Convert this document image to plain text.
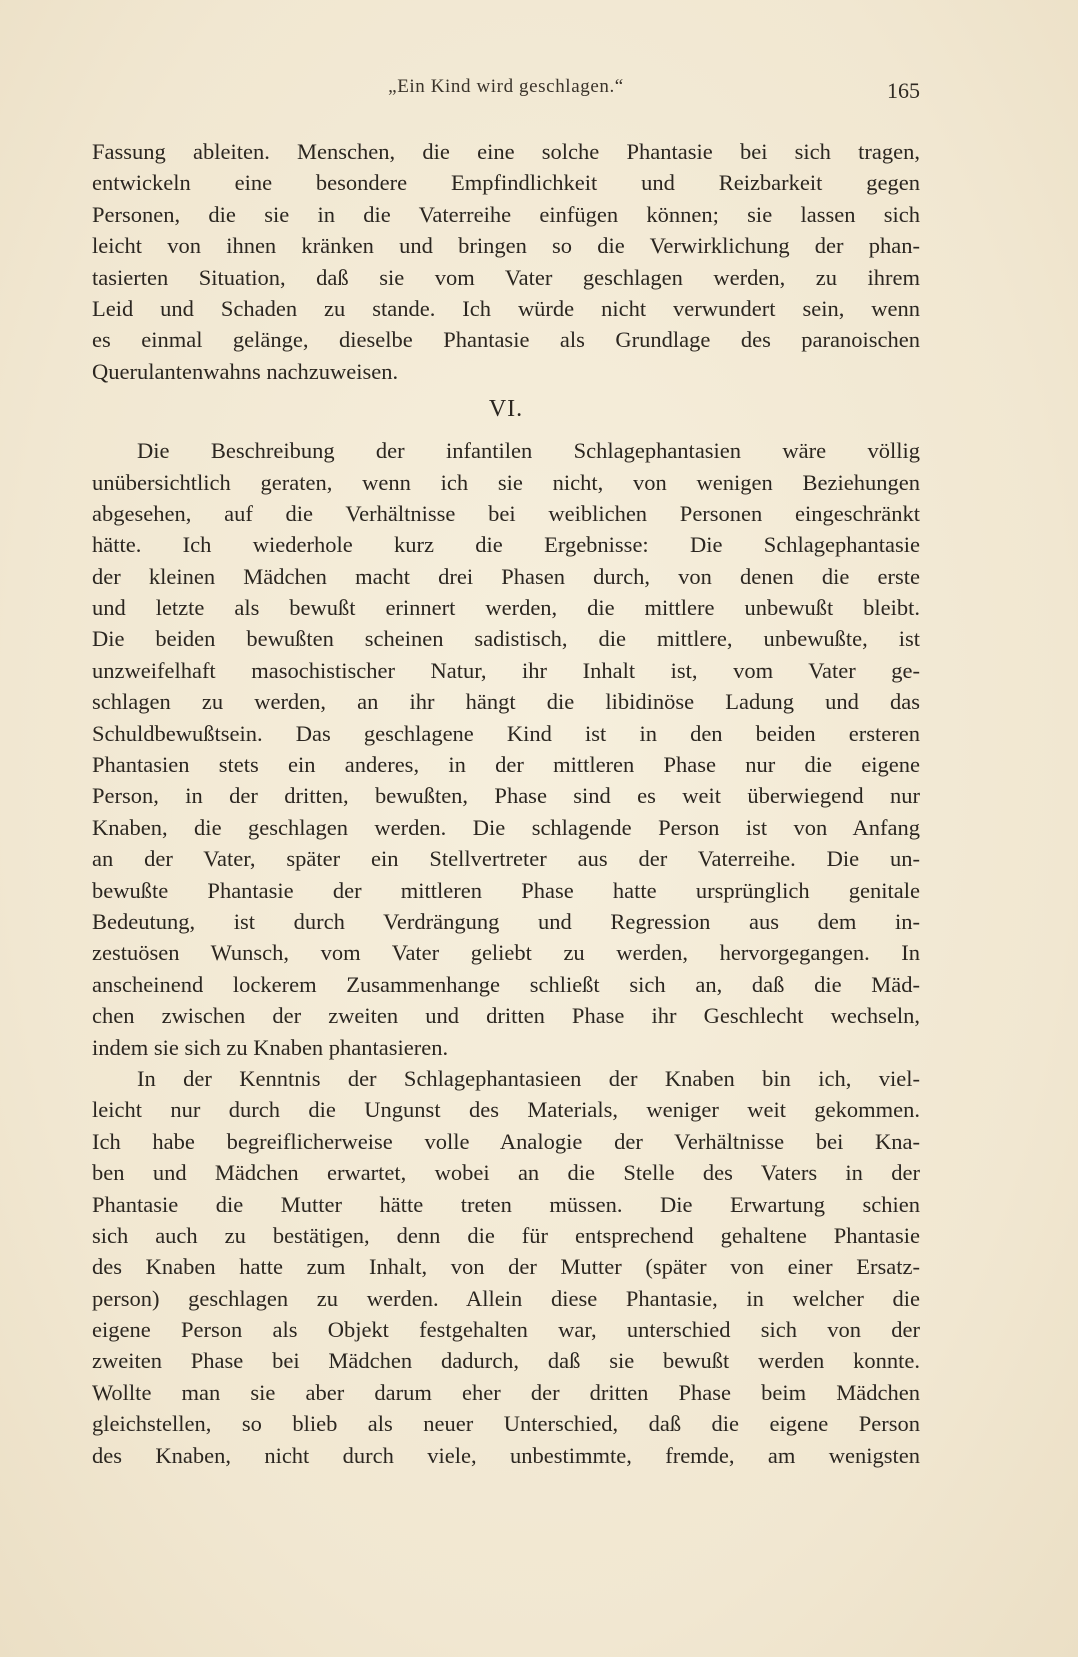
„Ein Kind wird geschlagen.“	165
Fassung ableiten. Menschen, die eine solche Phantasie bei sich tragen,
entwickeln eine besondere Empfindlichkeit und Reizbarkeit gegen
Personen, die sie in die Vaterreihe einfügen können; sie lassen sich
leicht von ihnen kränken und bringen so die Verwirklichung der phan-
tasierten Situation, daß sie vom Vater geschlagen werden, zu ihrem
Leid und Schaden zu stande. Ich würde nicht verwundert sein, wenn
es einmal gelänge, dieselbe Phantasie als Grundlage des paranoischen
Querulantenwahns nachzuweisen.
VI.
Die Beschreibung der infantilen Schlagephantasien wäre völlig
unübersichtlich geraten, wenn ich sie nicht, von wenigen Beziehungen
abgesehen, auf die Verhältnisse bei weiblichen Personen eingeschränkt
hätte. Ich wiederhole kurz die Ergebnisse: Die Schlagephantasie
der kleinen Mädchen macht drei Phasen durch, von denen die erste
und letzte als bewußt erinnert werden, die mittlere unbewußt bleibt.
Die beiden bewußten scheinen sadistisch, die mittlere, unbewußte, ist
unzweifelhaft masochistischer Natur, ihr Inhalt ist, vom Vater ge-
schlagen zu werden, an ihr hängt die libidinöse Ladung und das
Schuldbewußtsein. Das geschlagene Kind ist in den beiden ersteren
Phantasien stets ein anderes, in der mittleren Phase nur die eigene
Person, in der dritten, bewußten, Phase sind es weit überwiegend nur
Knaben, die geschlagen werden. Die schlagende Person ist von Anfang
an der Vater, später ein Stellvertreter aus der Vaterreihe. Die un-
bewußte Phantasie der mittleren Phase hatte ursprünglich genitale
Bedeutung, ist durch Verdrängung und Regression aus dem in-
zestuösen Wunsch, vom Vater geliebt zu werden, hervorgegangen. In
anscheinend lockerem Zusammenhange schließt sich an, daß die Mäd-
chen zwischen der zweiten und dritten Phase ihr Geschlecht wechseln,
indem sie sich zu Knaben phantasieren.
In der Kenntnis der Schlagephantasieen der Knaben bin ich, viel-
leicht nur durch die Ungunst des Materials, weniger weit gekommen.
Ich habe begreiflicherweise volle Analogie der Verhältnisse bei Kna-
ben und Mädchen erwartet, wobei an die Stelle des Vaters in der
Phantasie die Mutter hätte treten müssen. Die Erwartung schien
sich auch zu bestätigen, denn die für entsprechend gehaltene Phantasie
des Knaben hatte zum Inhalt, von der Mutter (später von einer Ersatz-
person) geschlagen zu werden. Allein diese Phantasie, in welcher die
eigene Person als Objekt festgehalten war, unterschied sich von der
zweiten Phase bei Mädchen dadurch, daß sie bewußt werden konnte.
Wollte man sie aber darum eher der dritten Phase beim Mädchen
gleichstellen, so blieb als neuer Unterschied, daß die eigene Person
des Knaben, nicht durch viele, unbestimmte, fremde, am wenigsten
